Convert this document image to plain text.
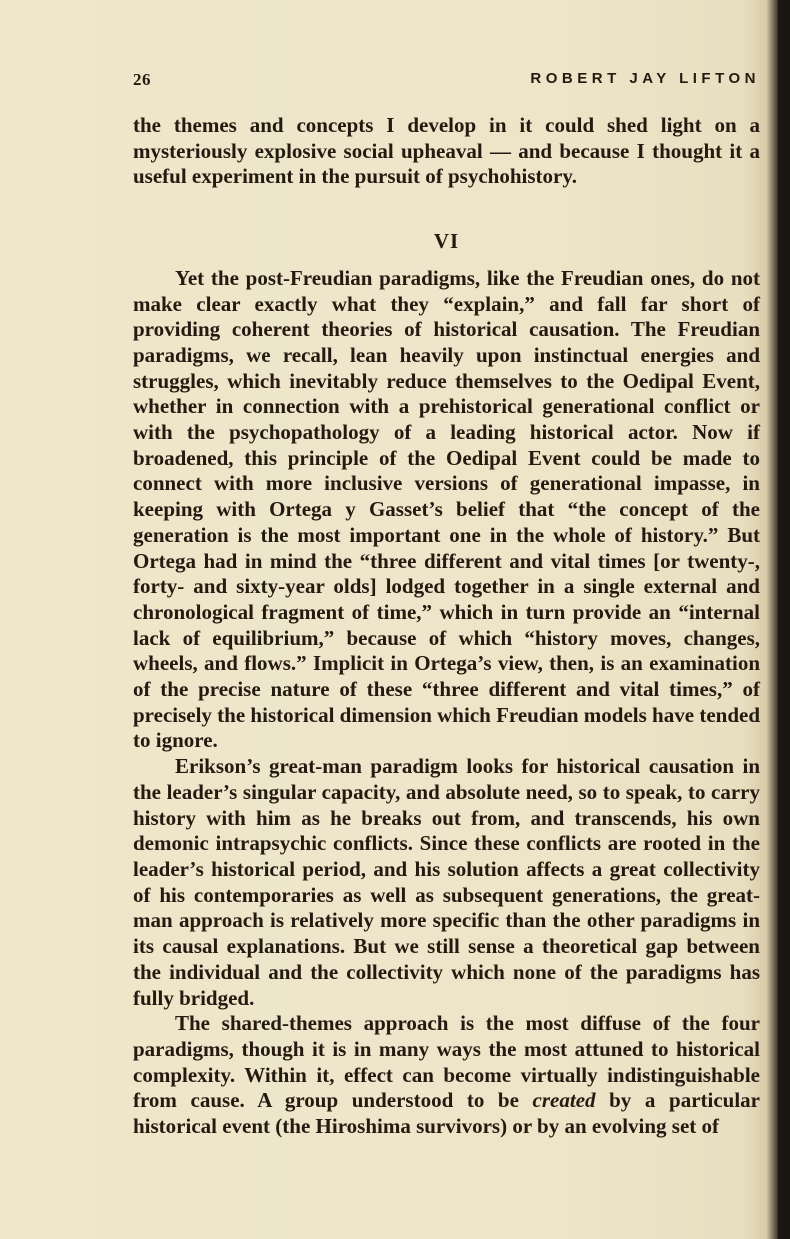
26	ROBERT JAY LIFTON

the themes and concepts I develop in it could shed light on a mysteriously explosive social upheaval — and because I thought it a useful experiment in the pursuit of psychohistory.

VI

Yet the post-Freudian paradigms, like the Freudian ones, do not make clear exactly what they “explain,” and fall far short of providing coherent theories of historical causation. The Freudian paradigms, we recall, lean heavily upon instinctual energies and struggles, which inevitably reduce themselves to the Oedipal Event, whether in connection with a prehistorical generational conflict or with the psychopathology of a leading historical actor. Now if broadened, this principle of the Oedipal Event could be made to connect with more inclusive versions of generational impasse, in keeping with Ortega y Gasset’s belief that “the concept of the generation is the most important one in the whole of history.” But Ortega had in mind the “three different and vital times [or twenty-, forty- and sixty-year olds] lodged together in a single external and chronological fragment of time,” which in turn provide an “internal lack of equilibrium,” because of which “history moves, changes, wheels, and flows.” Implicit in Ortega’s view, then, is an examination of the precise nature of these “three different and vital times,” of precisely the historical dimension which Freudian models have tended to ignore.

Erikson’s great-man paradigm looks for historical causation in the leader’s singular capacity, and absolute need, so to speak, to carry history with him as he breaks out from, and transcends, his own demonic intrapsychic conflicts. Since these conflicts are rooted in the leader’s historical period, and his solution affects a great collectivity of his contemporaries as well as subsequent generations, the great-man approach is relatively more specific than the other paradigms in its causal explanations. But we still sense a theoretical gap between the individual and the collectivity which none of the paradigms has fully bridged.

The shared-themes approach is the most diffuse of the four paradigms, though it is in many ways the most attuned to historical complexity. Within it, effect can become virtually indistinguishable from cause. A group understood to be created by a particular historical event (the Hiroshima survivors) or by an evolving set of
